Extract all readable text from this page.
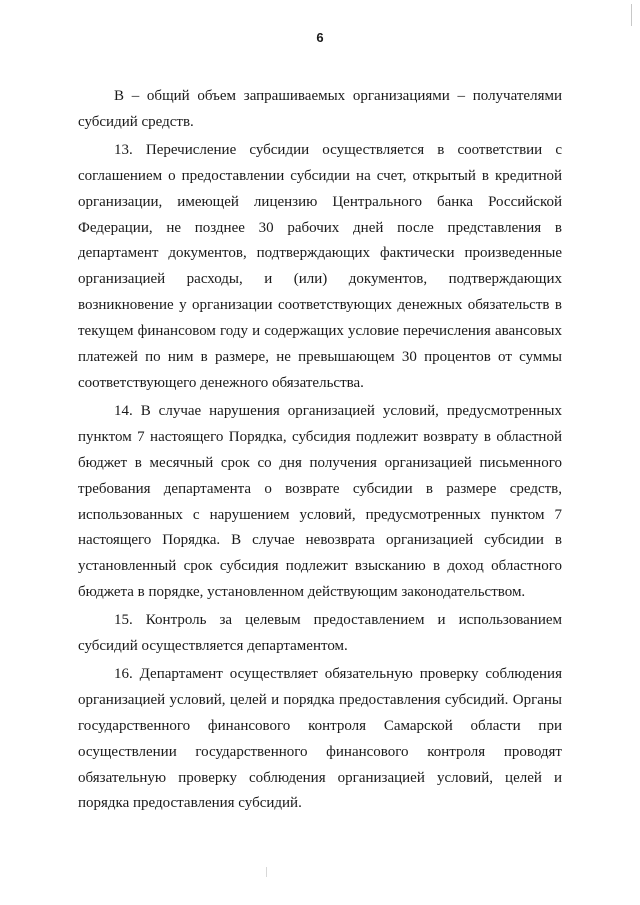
6

В – общий объем запрашиваемых организациями – получателями
субсидий средств.

13. Перечисление субсидии осуществляется в соответствии с
соглашением о предоставлении субсидии на счет, открытый в кредитной
организации, имеющей лицензию Центрального банка Российской
Федерации, не позднее 30 рабочих дней после представления в
департамент документов, подтверждающих фактически произведенные
организацией расходы, и (или) документов, подтверждающих
возникновение у организации соответствующих денежных обязательств в
текущем финансовом году и содержащих условие перечисления авансовых
платежей по ним в размере, не превышающем 30 процентов от суммы
соответствующего денежного обязательства.

14. В случае нарушения организацией условий, предусмотренных
пунктом 7 настоящего Порядка, субсидия подлежит возврату в областной
бюджет в месячный срок со дня получения организацией письменного
требования департамента о возврате субсидии в размере средств,
использованных с нарушением условий, предусмотренных пунктом 7
настоящего Порядка. В случае невозврата организацией субсидии в
установленный срок субсидия подлежит взысканию в доход областного
бюджета в порядке, установленном действующим законодательством.

15. Контроль за целевым предоставлением и использованием
субсидий осуществляется департаментом.

16. Департамент осуществляет обязательную проверку соблюдения
организацией условий, целей и порядка предоставления субсидий. Органы
государственного финансового контроля Самарской области при
осуществлении государственного финансового контроля проводят
обязательную проверку соблюдения организацией условий, целей и
порядка предоставления субсидий.
